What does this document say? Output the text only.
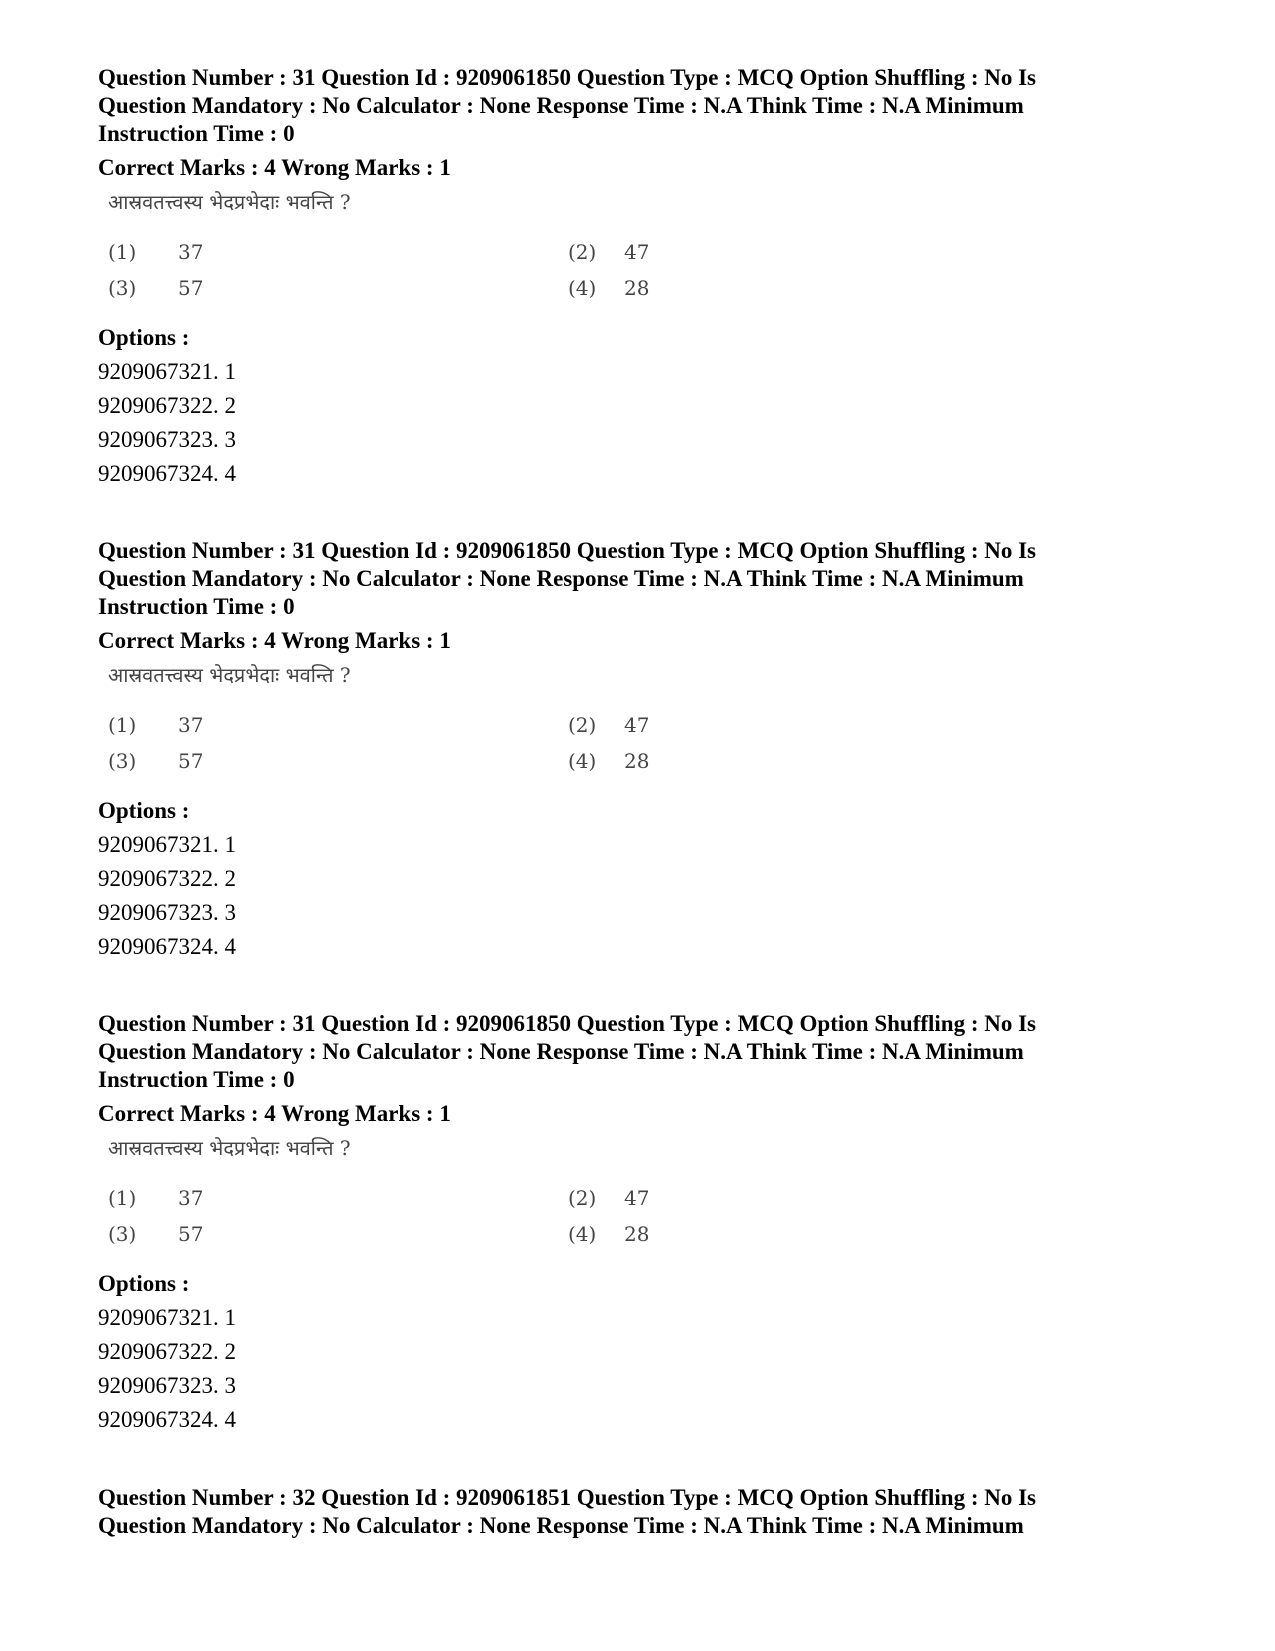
Question Number : 31 Question Id : 9209061850 Question Type : MCQ Option Shuffling : No Is

Question Mandatory : No Calculator : None Response Time : N.A Think Time : N.A Minimum

Instruction Time : 0

Correct Marks : 4 Wrong Marks : 1
आस्रवतत्त्वस्य भेदप्रभेदाः भवन्ति ?
(1) 37	(2) 47
(3) 57	(4) 28
Options :
9209067321. 1
9209067322. 2
9209067323. 3
9209067324. 4

Question Number : 31 Question Id : 9209061850 Question Type : MCQ Option Shuffling : No Is

Question Mandatory : No Calculator : None Response Time : N.A Think Time : N.A Minimum

Instruction Time : 0

Correct Marks : 4 Wrong Marks : 1
आस्रवतत्त्वस्य भेदप्रभेदाः भवन्ति ?
(1) 37	(2) 47
(3) 57	(4) 28
Options :
9209067321. 1
9209067322. 2
9209067323. 3
9209067324. 4

Question Number : 31 Question Id : 9209061850 Question Type : MCQ Option Shuffling : No Is

Question Mandatory : No Calculator : None Response Time : N.A Think Time : N.A Minimum

Instruction Time : 0

Correct Marks : 4 Wrong Marks : 1
आस्रवतत्त्वस्य भेदप्रभेदाः भवन्ति ?
(1) 37	(2) 47
(3) 57	(4) 28
Options :
9209067321. 1
9209067322. 2
9209067323. 3
9209067324. 4

Question Number : 32 Question Id : 9209061851 Question Type : MCQ Option Shuffling : No Is

Question Mandatory : No Calculator : None Response Time : N.A Think Time : N.A Minimum
